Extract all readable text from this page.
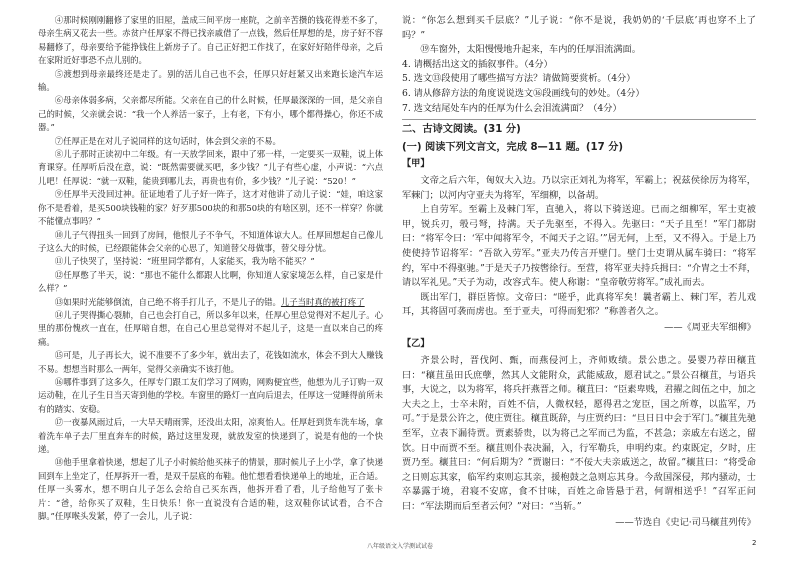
④那时候刚刚翻修了家里的旧屋，盖成三间平房一座院，之前辛苦攒的钱花得差不多了，母亲生病又花去一些。赤贫户任厚家不得已找亲戚借了一点钱，然后任厚想的是，房子好不容易翻修了，母亲要给予能挣钱住上新房子了。自己正好把工作找了，在家好好陪伴母亲，之后在家附近好事恐不点儿别的。

⑤渡想到母亲最终还是走了。别的活儿自己也不会，任厚只好赶紧又出来跑长途汽车运输。

⑥母亲体弱多病，父亲都尽所能。父亲在自己的什么时候，任厚最深深的一回，是父亲自己的时候，父亲就会说：“我一个人养活一家子，上有老，下有小，哪个都得操心，你还不成器。”

⑦任厚正是在对儿子说同样的这句话时，体会到父亲的不易。

⑧儿子那时正读初中二年级。有一天放学回来，跟中了邪一样，一定要买一双鞋，说上体育课穿。任厚听后没在意，说：“既然需要就买吧，多少钱？”儿子有些心虚，小声说：“六点儿吧！任厚说：“就一双鞋，能贵到哪儿去，再贵也有价，多少钱？”儿子说：“520！”

⑨任厚半天没回过神。征证地看了儿子好一阵子，这才对他讲了动儿子说：“娃，咱这家你不是看着，是买500块钱鞋的家？好歹那500块的和那50块的有啥区别，还不一样穿？你就不能懂点事吗？”

⑩儿子气得扭头一回到了房间，他恨儿子不争气，不知道体谅大人。任厚回想起自己像儿子这么大的时候，已经跟能体会父亲的心思了，知道替父母做事，替父母分忧。

⑪儿子快哭了，坚持说：“班里同学都有，人家能买，我为啥不能买？”

⑫任厚憋了半天，说：“那也不能什么都跟人比啊，你知道人家家境怎么样，自己家是什么样？”

⑬如果时光能够倒流，自己绝不将手打儿子，不是儿子的错。儿子当时真的被打疼了

⑭儿子哭得撕心裂肺，自己也会打自己，所以多年以来，任厚心里总觉得对不起儿子。心里的那份愧疚一直在，任厚暗自想，在自己心里总觉得对不起儿子，这是一直以来自己的疼痛。

⑮可是，儿子再长大，说不准要不了多少年，就出去了，花钱如流水，体会不到大人赚钱不易。想想当时那么一两年，觉得父亲确实不该打他。

⑯哪件事到了这多久，任厚专门跟工友们学习了网购，网购便宜些，他想为儿子订购一双运动鞋，在儿子生日当天寄到他的学校。车窗里的路灯一直向后退去，任厚这一觉睡得前所未有的踏实、安稳。

⑰一夜暴风雨过后，一大早天晴雨霁，还没出太阳，凉爽怡人。任厚赶到货车洗车场，拿着洗车单子去厂里直奔车的时候，路过这里发现，就放发室的快递到了，说是有他的一个快递。

⑱他手里拿着快递，想起了儿子小时候给他买袜子的情景，那时候儿子上小学，拿了快递回到车上坐定了，任厚拆开一看，是双千层底的布鞋。他忙想看看快递单上的地址，正合适。任厚一头雾水，想不明白儿子怎么会给自己买东西，他拆开看了看，儿子给他写了张卡片：“爸，给你买了双鞋，生日快乐！你一直说没有合适的鞋，这双鞋你试试看，合不合脚。”任厚喉头发紧，停了一会儿，儿子说：

说：“你怎么想到买千层底？”儿子说：“你不是说，我奶奶的‘千层底’再也穿不上了吗？”

⑲车窗外，太阳慢慢地升起来，车内的任厚泪流满面。

4. 请概括出这文的插叙事件。（4分）

5. 选文⑬段使用了哪些描写方法？请做简要赏析。（4分）

6. 请从修辞方法的角度说说选文⑯段画线句的妙处。（4分）

7. 选文结尾处车内的任厚为什么会泪流满面？（4分）

二、古诗文阅读。(31 分)
(一) 阅读下列文言文，完成 8—11 题。(17 分)
【甲】

文帝之后六年，匈奴大入边。乃以宗正刘礼为将军，军霸上；祝兹侯徐厉为将军，军棘门；以河内守亚夫为将军，军细柳，以备胡。

上自劳军。至霸上及棘门军，直驰入，将以下骑送迎。已而之细柳军，军士吏被甲，锐兵刃，彀弓弩，持满。天子先驱至，不得入。先驱曰：“天子且至！”军门都尉曰：“将军令曰：‘军中闻将军令，不闻天子之诏。’”居无何，上至，又不得入。于是上乃使使持节诏将军：“吾欲入劳军。”亚夫乃传言开壁门。壁门士吏谓从属车骑曰：“将军约，军中不得驱驰。”于是天子乃按辔徐行。至营，将军亚夫持兵揖曰：“介胄之士不拜，请以军礼见。”天子为动，改容式车。使人称谢：“皇帝敬劳将军。”成礼而去。

既出军门，群臣皆惊。文帝曰：“嗟乎，此真将军矣！曩者霸上、棘门军，若儿戏耳，其将固可袭而虏也。至于亚夫，可得而犯邪？”称善者久之。

——《周亚夫军细柳》
【乙】

齐景公时，晋伐阿、甄，而燕侵河上，齐师败绩。景公患之。晏婴乃荐田穰苴曰：“穰苴虽田氏庶孽，然其人文能附众，武能威敌，愿君试之。”景公召穰苴，与语兵事，大说之，以为将军，将兵扞燕晋之师。穰苴曰：“臣素卑贱，君擢之闾伍之中，加之大夫之上，士卒未附，百姓不信，人微权轻，愿得君之宠臣，国之所尊，以监军，乃可。”于是景公许之，使庄贾往。穰苴既辞，与庄贾约曰：“旦日日中会于军门。”穰苴先驰至军，立表下漏待贾。贾素骄贵，以为将己之军而己为监，不甚急；亲戚左右送之，留饮。日中而贾不至。穰苴则仆表决漏，入，行军勒兵，申明约束。约束既定，夕时，庄贾乃至。穰苴曰：“何后期为？”贾谢曰：“不佞大夫亲戚送之，故留。”穰苴曰：“将受命之日则忘其家，临军约束则忘其亲，援枹鼓之急则忘其身。今敌国深侵，邦内骚动，士卒暴露于境，君寝不安席，食不甘味，百姓之命皆悬于君，何谓相送乎！”召军正问曰：“军法期而后至者云何？”对曰：“当斩。”

——节选自《史记·司马穰苴列传》
八年级语文入学测试试卷	2
